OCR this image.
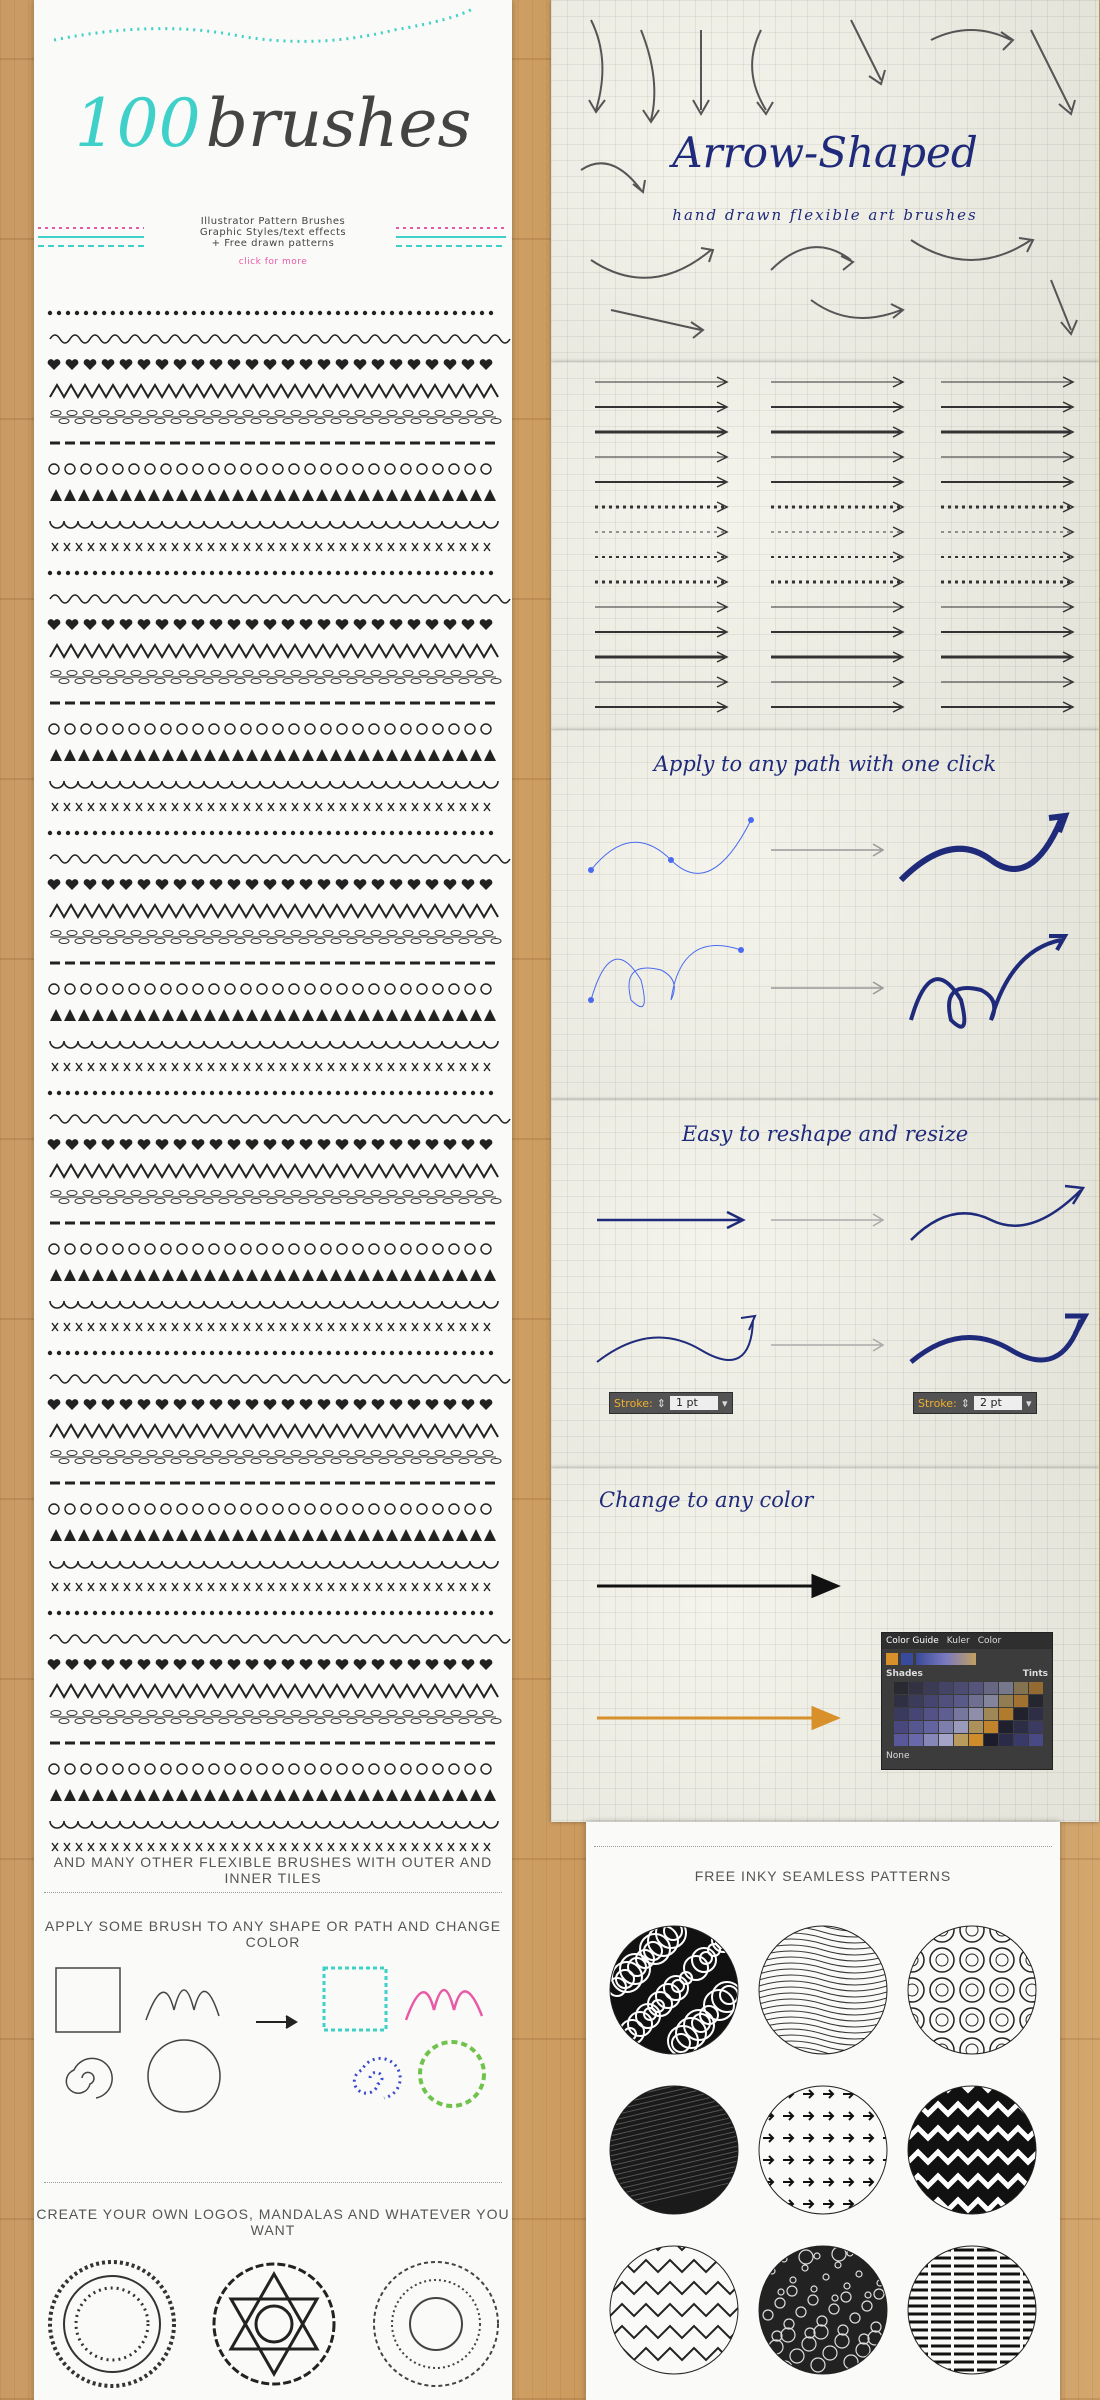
100 brushes
Illustrator Pattern Brushes
Graphic Styles/text effects
+ Free drawn patterns
click for more
AND MANY OTHER FLEXIBLE BRUSHES WITH OUTER AND INNER TILES
APPLY SOME BRUSH TO ANY SHAPE OR PATH AND CHANGE COLOR
CREATE YOUR OWN LOGOS, MANDALAS AND WHATEVER YOU WANT
Arrow-Shaped
hand drawn flexible art brushes
Apply to any path with one click
Easy to reshape and resize
Stroke: ⇕ 1 pt	▾	Stroke: ⇕ 2 pt	▾
Change to any color
Color Guide Kuler Color
Shades	Tints
None
FREE INKY SEAMLESS PATTERNS
